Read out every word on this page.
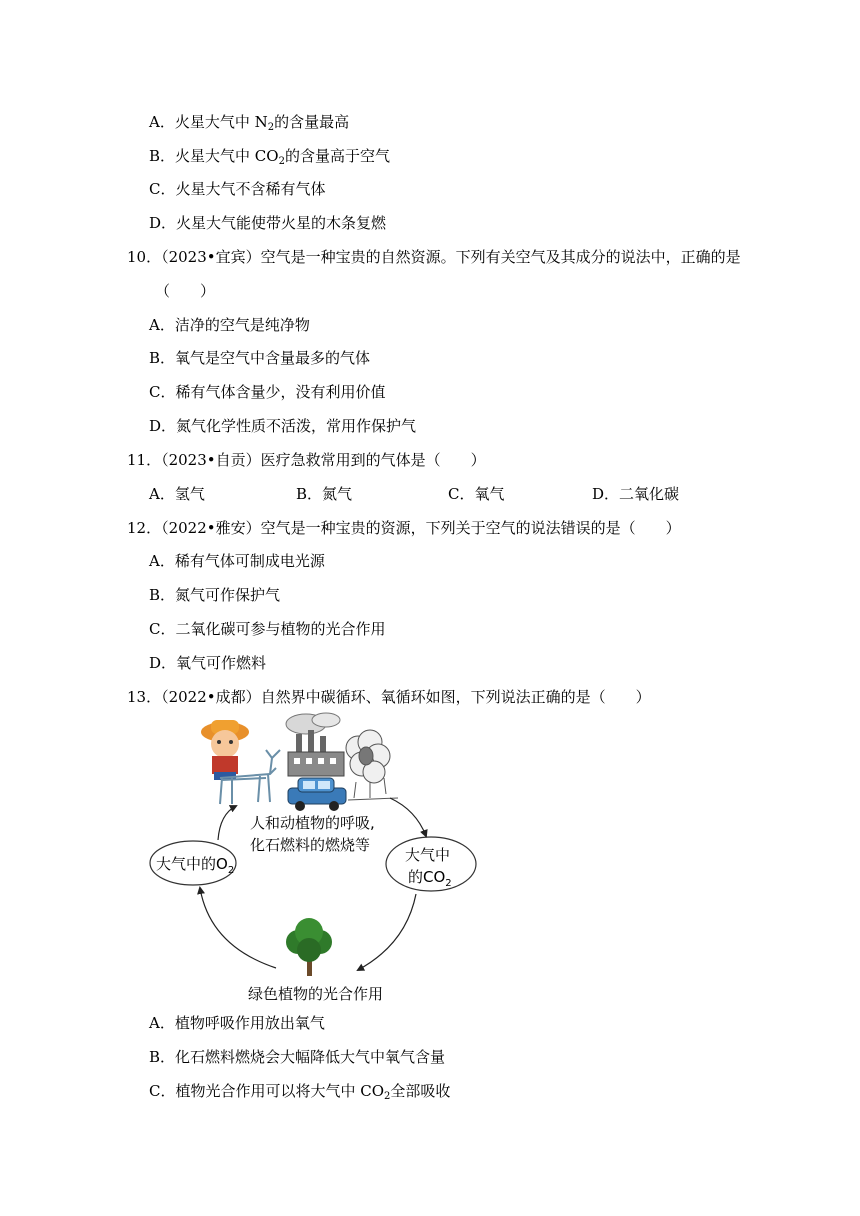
A．火星大气中 $N_2$的含量最高
B．火星大气中 $CO_2$的含量高于空气
C．火星大气不含稀有气体
D．火星大气能使带火星的木条复燃
10．（2023•宜宾）空气是一种宝贵的自然资源。下列有关空气及其成分的说法中，正确的是
（　　）
A．洁净的空气是纯净物
B．氧气是空气中含量最多的气体
C．稀有气体含量少，没有利用价值
D．氮气化学性质不活泼，常用作保护气
11．（2023•自贡）医疗急救常用到的气体是（　　）
A．氢气	B．氮气	C．氧气	D．二氧化碳
12．（2022•雅安）空气是一种宝贵的资源，下列关于空气的说法错误的是（　　）
A．稀有气体可制成电光源
B．氮气可作保护气
C．二氧化碳可参与植物的光合作用
D．氧气可作燃料
13．（2022•成都）自然界中碳循环、氧循环如图，下列说法正确的是（　　）
人和动植物的呼吸,
化石燃料的燃烧等
大气中的$O_2$
大气中
的$CO_2$
绿色植物的光合作用
A．植物呼吸作用放出氧气
B．化石燃料燃烧会大幅降低大气中氧气含量
C．植物光合作用可以将大气中 $CO_2$全部吸收
